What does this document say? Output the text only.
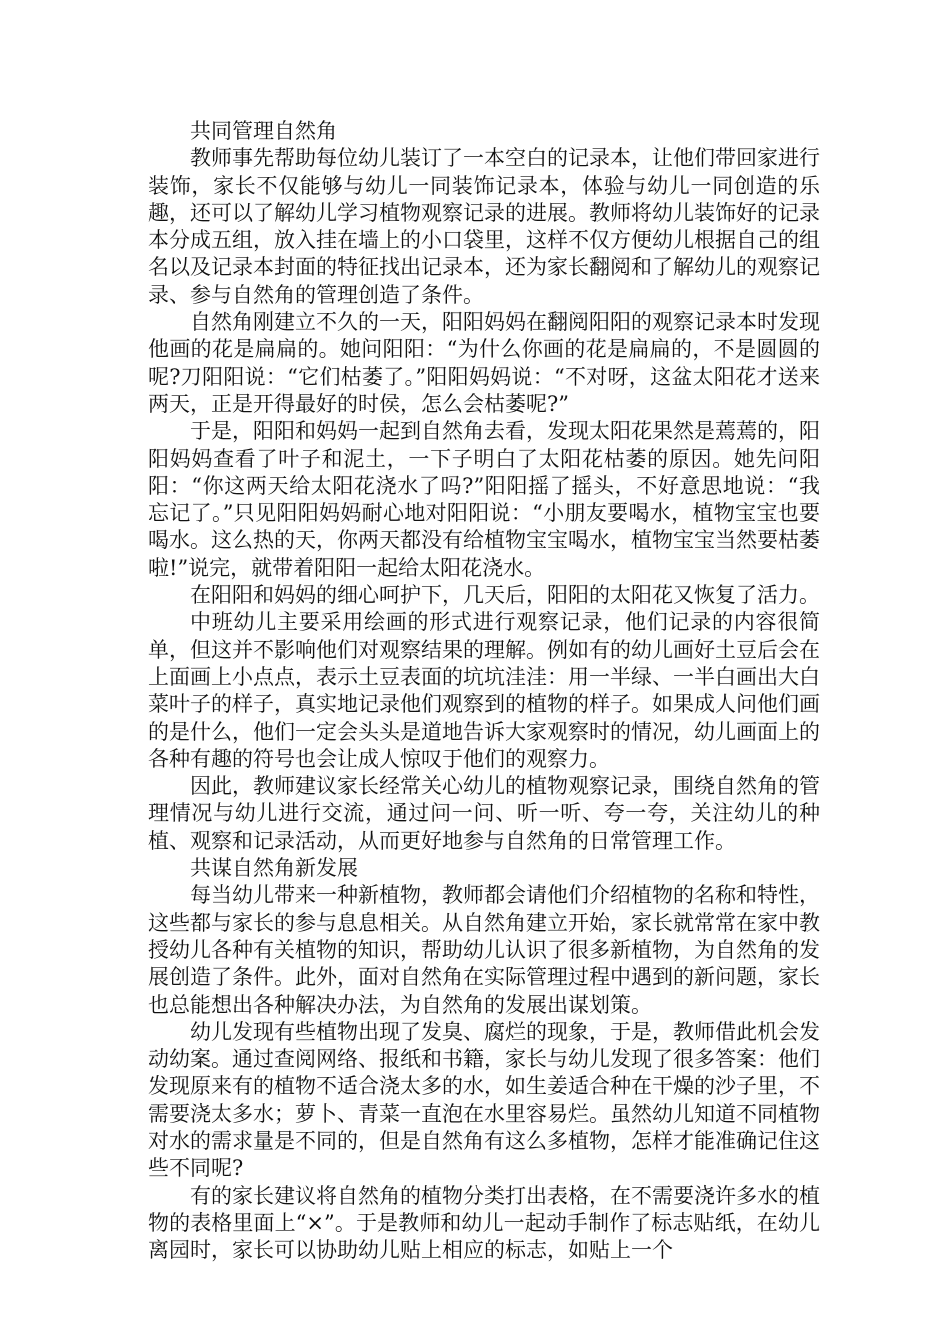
共同管理自然角

教师事先帮助每位幼儿装订了一本空白的记录本，让他们带回家进行装饰，家长不仅能够与幼儿一同装饰记录本，体验与幼儿一同创造的乐趣，还可以了解幼儿学习植物观察记录的进展。教师将幼儿装饰好的记录本分成五组，放入挂在墙上的小口袋里，这样不仅方便幼儿根据自己的组名以及记录本封面的特征找出记录本，还为家长翻阅和了解幼儿的观察记录、参与自然角的管理创造了条件。

自然角刚建立不久的一天，阳阳妈妈在翻阅阳阳的观察记录本时发现他画的花是扁扁的。她问阳阳：“为什么你画的花是扁扁的，不是圆圆的呢?刀阳阳说：“它们枯萎了。”阳阳妈妈说：“不对呀，这盆太阳花才送来两天，正是开得最好的时侯，怎么会枯萎呢?”

于是，阳阳和妈妈一起到自然角去看，发现太阳花果然是蔫蔫的，阳阳妈妈查看了叶子和泥土，一下子明白了太阳花枯萎的原因。她先问阳阳：“你这两天给太阳花浇水了吗?”阳阳摇了摇头，不好意思地说：“我忘记了。”只见阳阳妈妈耐心地对阳阳说：“小朋友要喝水，植物宝宝也要喝水。这么热的天，你两天都没有给植物宝宝喝水，植物宝宝当然要枯萎啦!”说完，就带着阳阳一起给太阳花浇水。

在阳阳和妈妈的细心呵护下，几天后，阳阳的太阳花又恢复了活力。

中班幼儿主要采用绘画的形式进行观察记录，他们记录的内容很简单，但这并不影响他们对观察结果的理解。例如有的幼儿画好土豆后会在上面画上小点点，表示土豆表面的坑坑洼洼：用一半绿、一半白画出大白菜叶子的样子，真实地记录他们观察到的植物的样子。如果成人问他们画的是什么，他们一定会头头是道地告诉大家观察时的情况，幼儿画面上的各种有趣的符号也会让成人惊叹于他们的观察力。

因此，教师建议家长经常关心幼儿的植物观察记录，围绕自然角的管理情况与幼儿进行交流，通过问一问、听一听、夸一夸，关注幼儿的种植、观察和记录活动，从而更好地参与自然角的日常管理工作。

共谋自然角新发展

每当幼儿带来一种新植物，教师都会请他们介绍植物的名称和特性，这些都与家长的参与息息相关。从自然角建立开始，家长就常常在家中教授幼儿各种有关植物的知识，帮助幼儿认识了很多新植物，为自然角的发展创造了条件。此外，面对自然角在实际管理过程中遇到的新问题，家长也总能想出各种解决办法，为自然角的发展出谋划策。

幼儿发现有些植物出现了发臭、腐烂的现象，于是，教师借此机会发动幼案。通过查阅网络、报纸和书籍，家长与幼儿发现了很多答案：他们发现原来有的植物不适合浇太多的水，如生姜适合种在干燥的沙子里，不需要浇太多水；萝卜、青菜一直泡在水里容易烂。虽然幼儿知道不同植物对水的需求量是不同的，但是自然角有这么多植物，怎样才能准确记住这些不同呢?

有的家长建议将自然角的植物分类打出表格，在不需要浇许多水的植物的表格里面上“×”。于是教师和幼儿一起动手制作了标志贴纸，在幼儿离园时，家长可以协助幼儿贴上相应的标志，如贴上一个
